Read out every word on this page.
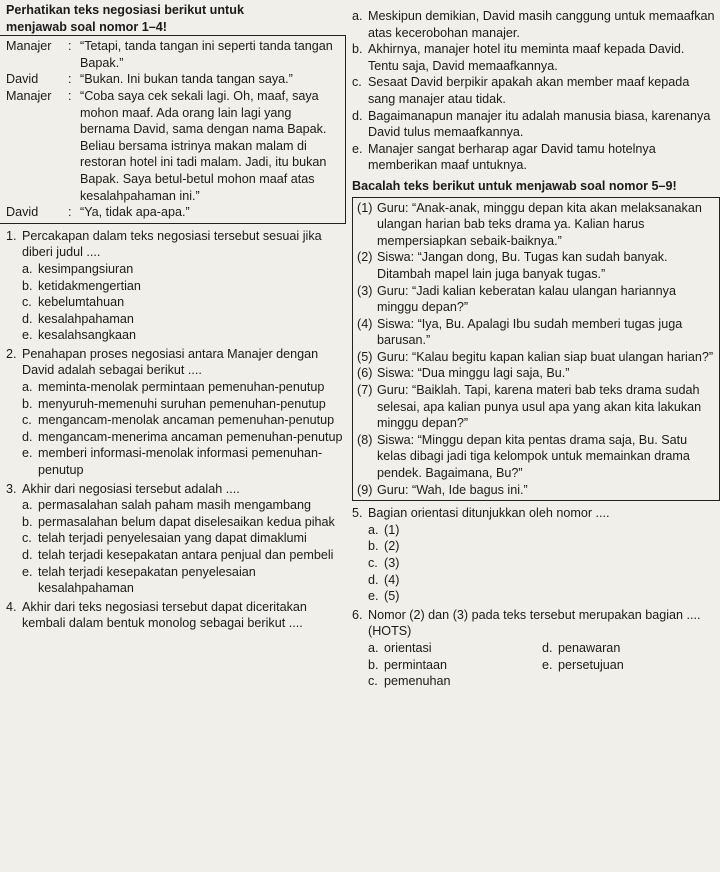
Perhatikan teks negosiasi berikut untuk
menjawab soal nomor 1–4!
Manajer	: “Tetapi, tanda tangan ini seperti tanda tangan Bapak.”
David	: “Bukan. Ini bukan tanda tangan saya.”
Manajer	: “Coba saya cek sekali lagi. Oh, maaf, saya mohon maaf. Ada orang lain lagi yang bernama David, sama dengan nama Bapak. Beliau bersama istrinya makan malam di restoran hotel ini tadi malam. Jadi, itu bukan Bapak. Saya betul-betul mohon maaf atas kesalahpahaman ini.”
David	: “Ya, tidak apa-apa.”
1. Percakapan dalam teks negosiasi tersebut sesuai jika diberi judul ....
a. kesimpangsiuran
b. ketidakmengertian
c. kebelumtahuan
d. kesalahpahaman
e. kesalahsangkaan
2. Penahapan proses negosiasi antara Manajer dengan David adalah sebagai berikut ....
a. meminta-menolak permintaan pemenuhan-penutup
b. menyuruh-memenuhi suruhan pemenuhan-penutup
c. mengancam-menolak ancaman pemenuhan-penutup
d. mengancam-menerima ancaman pemenuhan-penutup
e. memberi informasi-menolak informasi pemenuhan-penutup
3. Akhir dari negosiasi tersebut adalah ....
a. permasalahan salah paham masih mengambang
b. permasalahan belum dapat diselesaikan kedua pihak
c. telah terjadi penyelesaian yang dapat dimaklumi
d. telah terjadi kesepakatan antara penjual dan pembeli
e. telah terjadi kesepakatan penyelesaian kesalahpahaman
4. Akhir dari teks negosiasi tersebut dapat diceritakan kembali dalam bentuk monolog sebagai berikut ....
a. Meskipun demikian, David masih canggung untuk memaafkan atas kecerobohan manajer.
b. Akhirnya, manajer hotel itu meminta maaf kepada David. Tentu saja, David memaafkannya.
c. Sesaat David berpikir apakah akan member maaf kepada sang manajer atau tidak.
d. Bagaimanapun manajer itu adalah manusia biasa, karenanya David tulus memaafkannya.
e. Manajer sangat berharap agar David tamu hotelnya memberikan maaf untuknya.
Bacalah teks berikut untuk menjawab soal nomor 5–9!
(1) Guru: “Anak-anak, minggu depan kita akan melaksanakan ulangan harian bab teks drama ya. Kalian harus mempersiapkan sebaik-baiknya.”
(2) Siswa: “Jangan dong, Bu. Tugas kan sudah banyak. Ditambah mapel lain juga banyak tugas.”
(3) Guru: “Jadi kalian keberatan kalau ulangan hariannya minggu depan?”
(4) Siswa: “Iya, Bu. Apalagi Ibu sudah memberi tugas juga barusan.”
(5) Guru: “Kalau begitu kapan kalian siap buat ulangan harian?”
(6) Siswa: “Dua minggu lagi saja, Bu.”
(7) Guru: “Baiklah. Tapi, karena materi bab teks drama sudah selesai, apa kalian punya usul apa yang akan kita lakukan minggu depan?”
(8) Siswa: “Minggu depan kita pentas drama saja, Bu. Satu kelas dibagi jadi tiga kelompok untuk memainkan drama pendek. Bagaimana, Bu?”
(9) Guru: “Wah, Ide bagus ini.”
5. Bagian orientasi ditunjukkan oleh nomor ....
a. (1)
b. (2)
c. (3)
d. (4)
e. (5)
6. Nomor (2) dan (3) pada teks tersebut merupakan bagian .... (HOTS)
a. orientasi	d. penawaran
b. permintaan	e. persetujuan
c. pemenuhan
